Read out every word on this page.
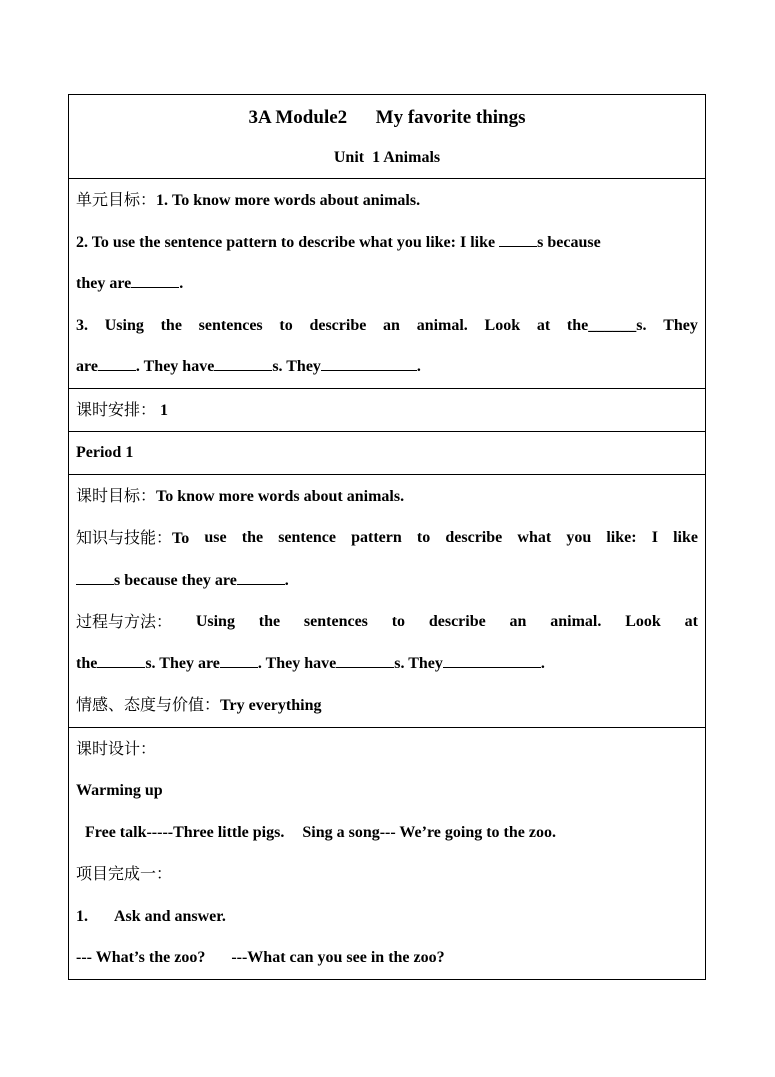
3A Module2      My favorite things
Unit  1 Animals

单元目标：1. To know more words about animals.
2. To use the sentence pattern to describe what you like: I like	s because
they are	.
3. Using the sentences to describe an animal. Look at the______s. They
are . They have	s. They	.

课时安排： 1

Period 1

课时目标：To know more words about animals.
知识与技能：To use the sentence pattern to describe what you like: I like
s because they are	.
过程与方法： Using the sentences to describe an animal. Look at
the	s. They are . They have	s. They	.
情感、态度与价值：Try everything

课时设计：
Warming up
Free talk-----Three little pigs. Sing a song--- We’re going to the zoo.
项目完成一：
1. Ask and answer.
--- What’s the zoo? ---What can you see in the zoo?
